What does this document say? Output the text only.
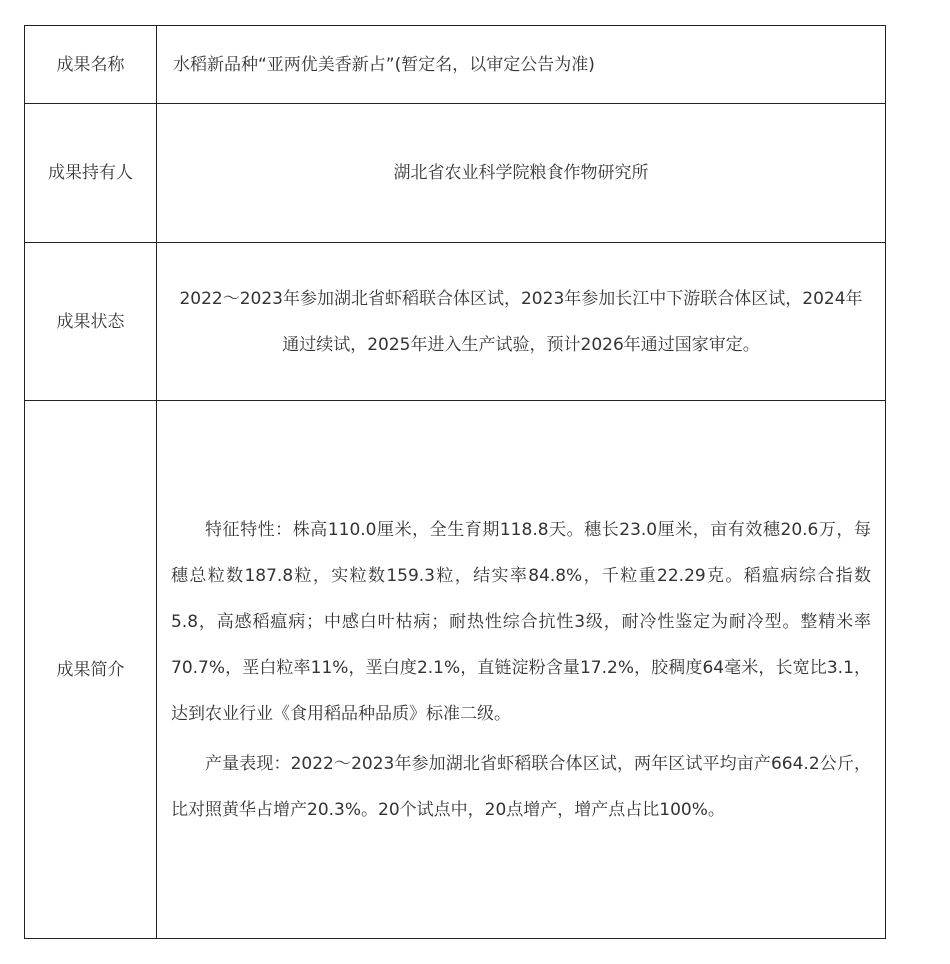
成果名称	水稻新品种“亚两优美香新占”(暂定名，以审定公告为准)

成果持有人	湖北省农业科学院粮食作物研究所

成果状态	2022～2023年参加湖北省虾稻联合体区试，2023年参加长江中下游联合体区试，2024年通过续试，2025年进入生产试验，预计2026年通过国家审定。

成果简介	特征特性：株高110.0厘米，全生育期118.8天。穗长23.0厘米，亩有效穗20.6万，每穗总粒数187.8粒，实粒数159.3粒，结实率84.8%，千粒重22.29克。稻瘟病综合指数5.8，高感稻瘟病；中感白叶枯病；耐热性综合抗性3级，耐冷性鉴定为耐冷型。整精米率70.7%，垩白粒率11%，垩白度2.1%，直链淀粉含量17.2%，胶稠度64毫米，长宽比3.1，达到农业行业《食用稻品种品质》标准二级。

产量表现：2022～2023年参加湖北省虾稻联合体区试，两年区试平均亩产664.2公斤，比对照黄华占增产20.3%。20个试点中，20点增产，增产点占比100%。
